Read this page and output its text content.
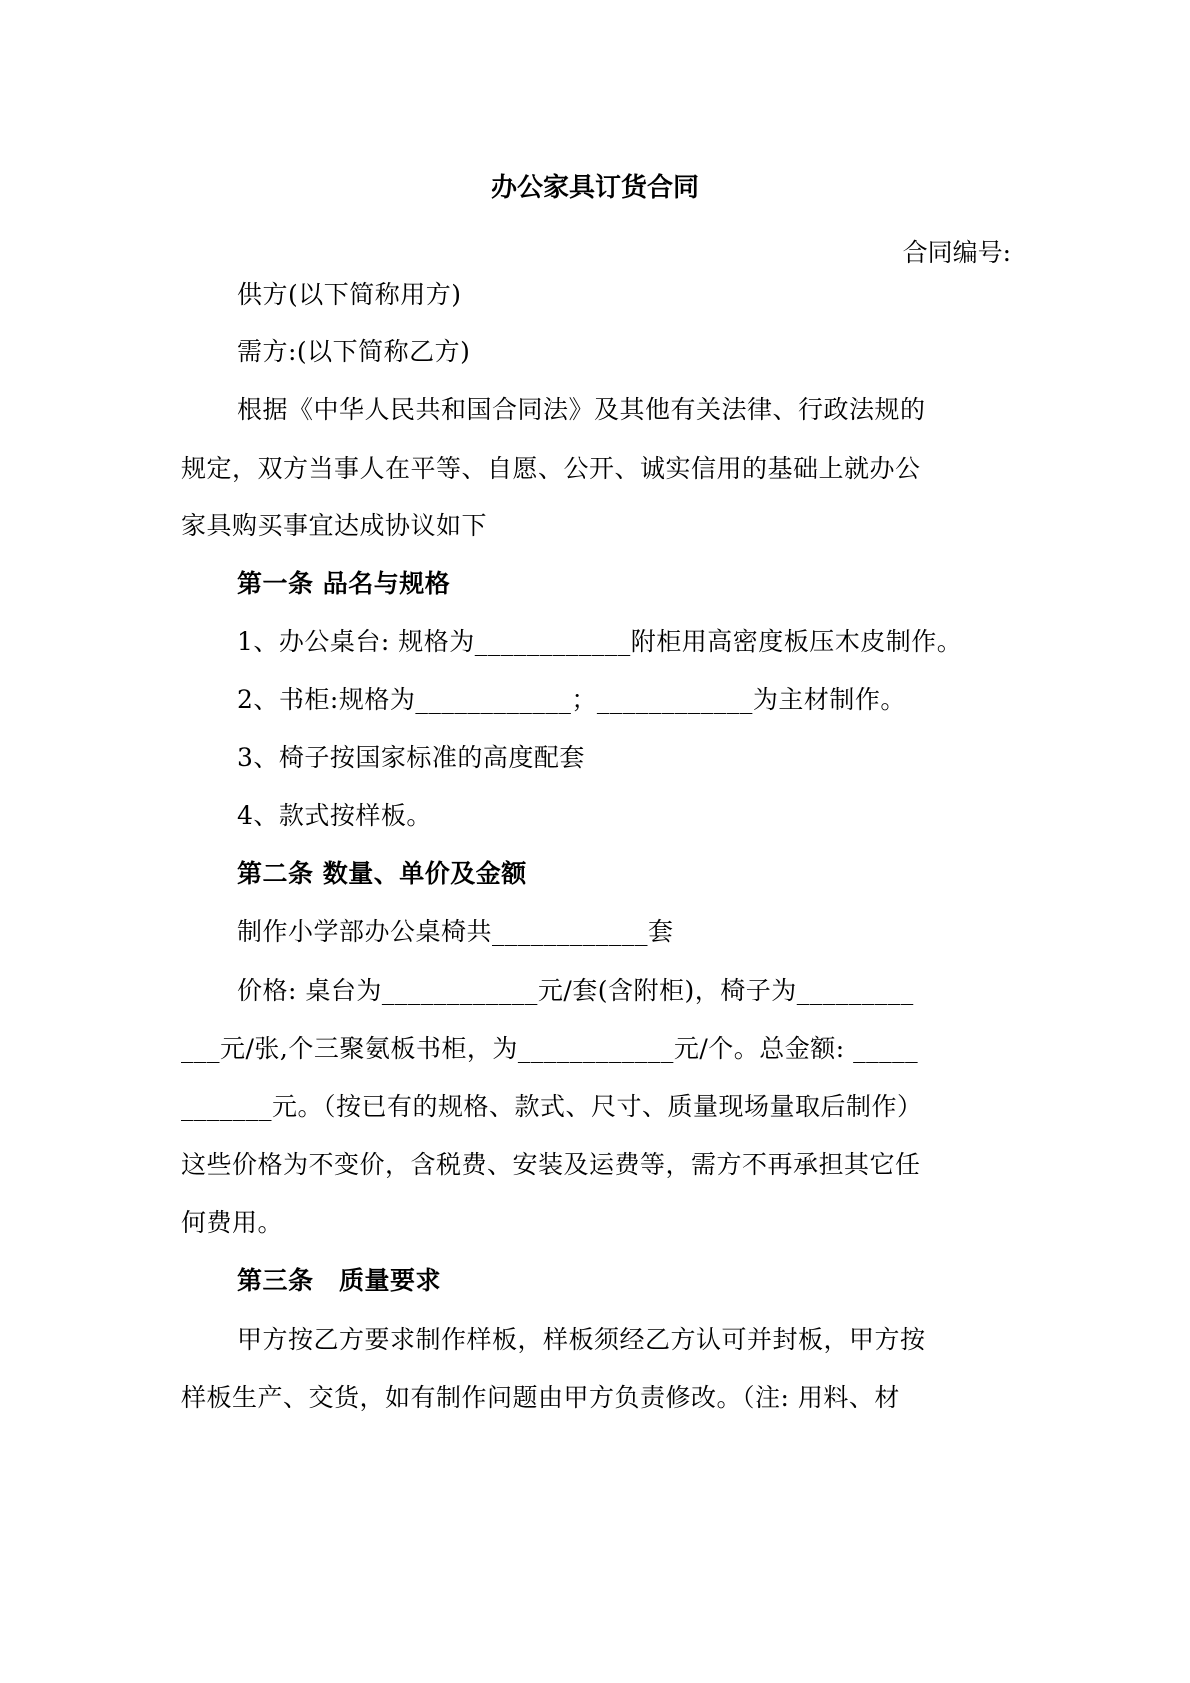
办公家具订货合同
合同编号:
供方(以下简称用方)
需方:(以下简称乙方)
根据《中华人民共和国合同法》及其他有关法律、行政法规的
规定，双方当事人在平等、自愿、公开、诚实信用的基础上就办公
家具购买事宜达成协议如下
第一条 品名与规格
1、办公桌台: 规格为____________附柜用高密度板压木皮制作。
2、书柜:规格为____________；____________为主材制作。
3、椅子按国家标准的高度配套
4、款式按样板。
第二条 数量、单价及金额
制作小学部办公桌椅共____________套
价格: 桌台为____________元/套(含附柜)，椅子为_________
___元/张,个三聚氨板书柜，为____________元/个。总金额: _____
_______元。（按已有的规格、款式、尺寸、质量现场量取后制作）
这些价格为不变价，含税费、安装及运费等，需方不再承担其它任
何费用。
第三条　质量要求
甲方按乙方要求制作样板，样板须经乙方认可并封板，甲方按
样板生产、交货，如有制作问题由甲方负责修改。（注: 用料、材
